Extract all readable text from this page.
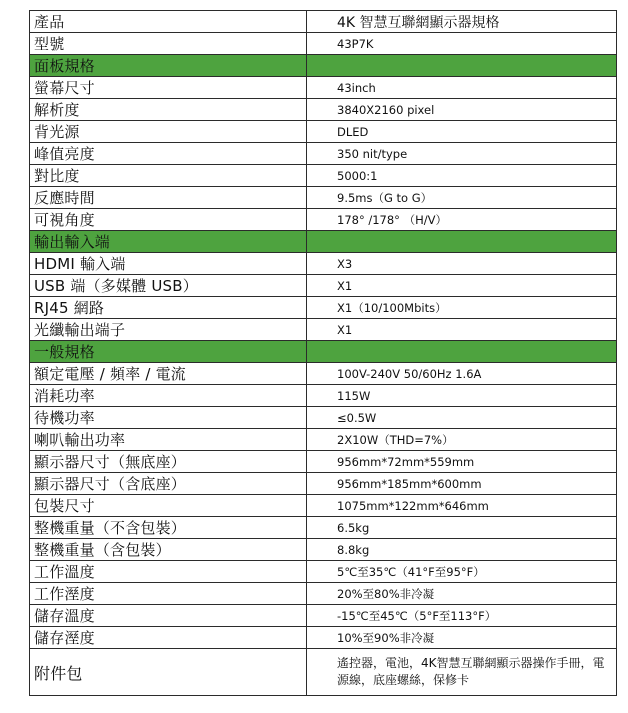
產品	4K 智慧互聯網顯示器規格
型號	43P7K
面板規格	
螢幕尺寸	43inch
解析度	3840X2160 pixel
背光源	DLED
峰值亮度	350 nit/type
對比度	5000:1
反應時間	9.5ms（G to G）
可視角度	178° /178° （H/V）
輸出輸入端	
HDMI 輸入端	X3
USB 端（多媒體 USB）	X1
RJ45 網路	X1（10/100Mbits）
光纖輸出端子	X1
一般規格	
額定電壓 / 頻率 / 電流	100V-240V 50/60Hz 1.6A
消耗功率	115W
待機功率	≤0.5W
喇叭輸出功率	2X10W（THD=7%）
顯示器尺寸（無底座）	956mm*72mm*559mm
顯示器尺寸（含底座）	956mm*185mm*600mm
包裝尺寸	1075mm*122mm*646mm
整機重量（不含包裝）	6.5kg
整機重量（含包裝）	8.8kg
工作溫度	5℃至35℃（41°F至95°F）
工作溼度	20%至80%非冷凝
儲存溫度	-15℃至45℃（5°F至113°F）
儲存溼度	10%至90%非冷凝
附件包	遙控器，電池，4K智慧互聯網顯示器操作手冊，電源線，底座螺絲，保修卡
